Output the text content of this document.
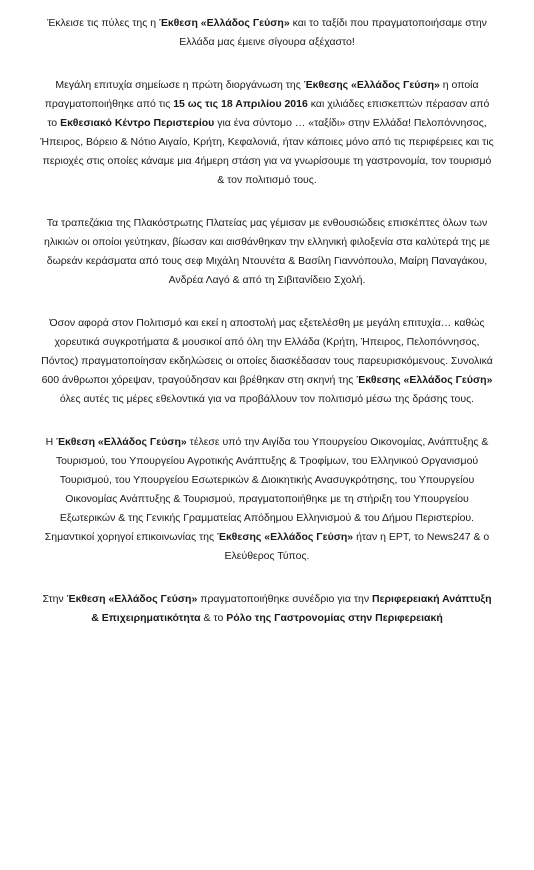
Έκλεισε τις πύλες της η Έκθεση «Ελλάδος Γεύση» και το ταξίδι που πραγματοποιήσαμε στην Ελλάδα μας έμεινε σίγουρα αξέχαστο!

Μεγάλη επιτυχία σημείωσε η πρώτη διοργάνωση της Έκθεσης «Ελλάδος Γεύση» η οποία πραγματοποιήθηκε από τις 15 ως τις 18 Απριλίου 2016 και χιλιάδες επισκεπτών πέρασαν από το Εκθεσιακό Κέντρο Περιστερίου για ένα σύντομο … «ταξίδι» στην Ελλάδα! Πελοπόννησος, Ήπειρος, Βόρειο & Νότιο Αιγαίο, Κρήτη, Κεφαλονιά, ήταν κάποιες μόνο από τις περιφέρειες και τις περιοχές στις οποίες κάναμε μια 4ήμερη στάση για να γνωρίσουμε τη γαστρονομία, τον τουρισμό & τον πολιτισμό τους.

Τα τραπεζάκια της Πλακόστρωτης Πλατείας μας γέμισαν με ενθουσιώδεις επισκέπτες όλων των ηλικιών οι οποίοι γεύτηκαν, βίωσαν και αισθάνθηκαν την ελληνική φιλοξενία στα καλύτερά της με δωρεάν κεράσματα από τους σεφ Μιχάλη Ντουνέτα & Βασίλη Γιαννόπουλο, Μαίρη Παναγάκου, Ανδρέα Λαγό & από τη Σιβιτανίδειο Σχολή.

Όσον αφορά στον Πολιτισμό και εκεί η αποστολή μας εξετελέσθη με μεγάλη επιτυχία… καθώς χορευτικά συγκροτήματα & μουσικοί από όλη την Ελλάδα (Κρήτη, Ήπειρος, Πελοπόννησος, Πόντος) πραγματοποίησαν εκδηλώσεις οι οποίες διασκέδασαν τους παρευρισκόμενους. Συνολικά 600 άνθρωποι χόρεψαν, τραγούδησαν και βρέθηκαν στη σκηνή της Έκθεσης «Ελλάδος Γεύση» όλες αυτές τις μέρες εθελοντικά για να προβάλλουν τον πολιτισμό μέσω της δράσης τους.

Η Έκθεση «Ελλάδος Γεύση» τέλεσε υπό την Αιγίδα του Υπουργείου Οικονομίας, Ανάπτυξης & Τουρισμού, του Υπουργείου Αγροτικής Ανάπτυξης & Τροφίμων, του Ελληνικού Οργανισμού Τουρισμού, του Υπουργείου Εσωτερικών & Διοικητικής Ανασυγκρότησης, του Υπουργείου Οικονομίας Ανάπτυξης & Τουρισμού, πραγματοποιήθηκε με τη στήριξη του Υπουργείου Εξωτερικών & της Γενικής Γραμματείας Απόδημου Ελληνισμού & του Δήμου Περιστερίου. Σημαντικοί χορηγοί επικοινωνίας της Έκθεσης «Ελλάδος Γεύση» ήταν η ΕΡΤ, το News247 & ο Ελεύθερος Τύπος.

Στην Έκθεση «Ελλάδος Γεύση» πραγματοποιήθηκε συνέδριο για την Περιφερειακή Ανάπτυξη & Επιχειρηματικότητα & το Ρόλο της Γαστρονομίας στην Περιφερειακή
